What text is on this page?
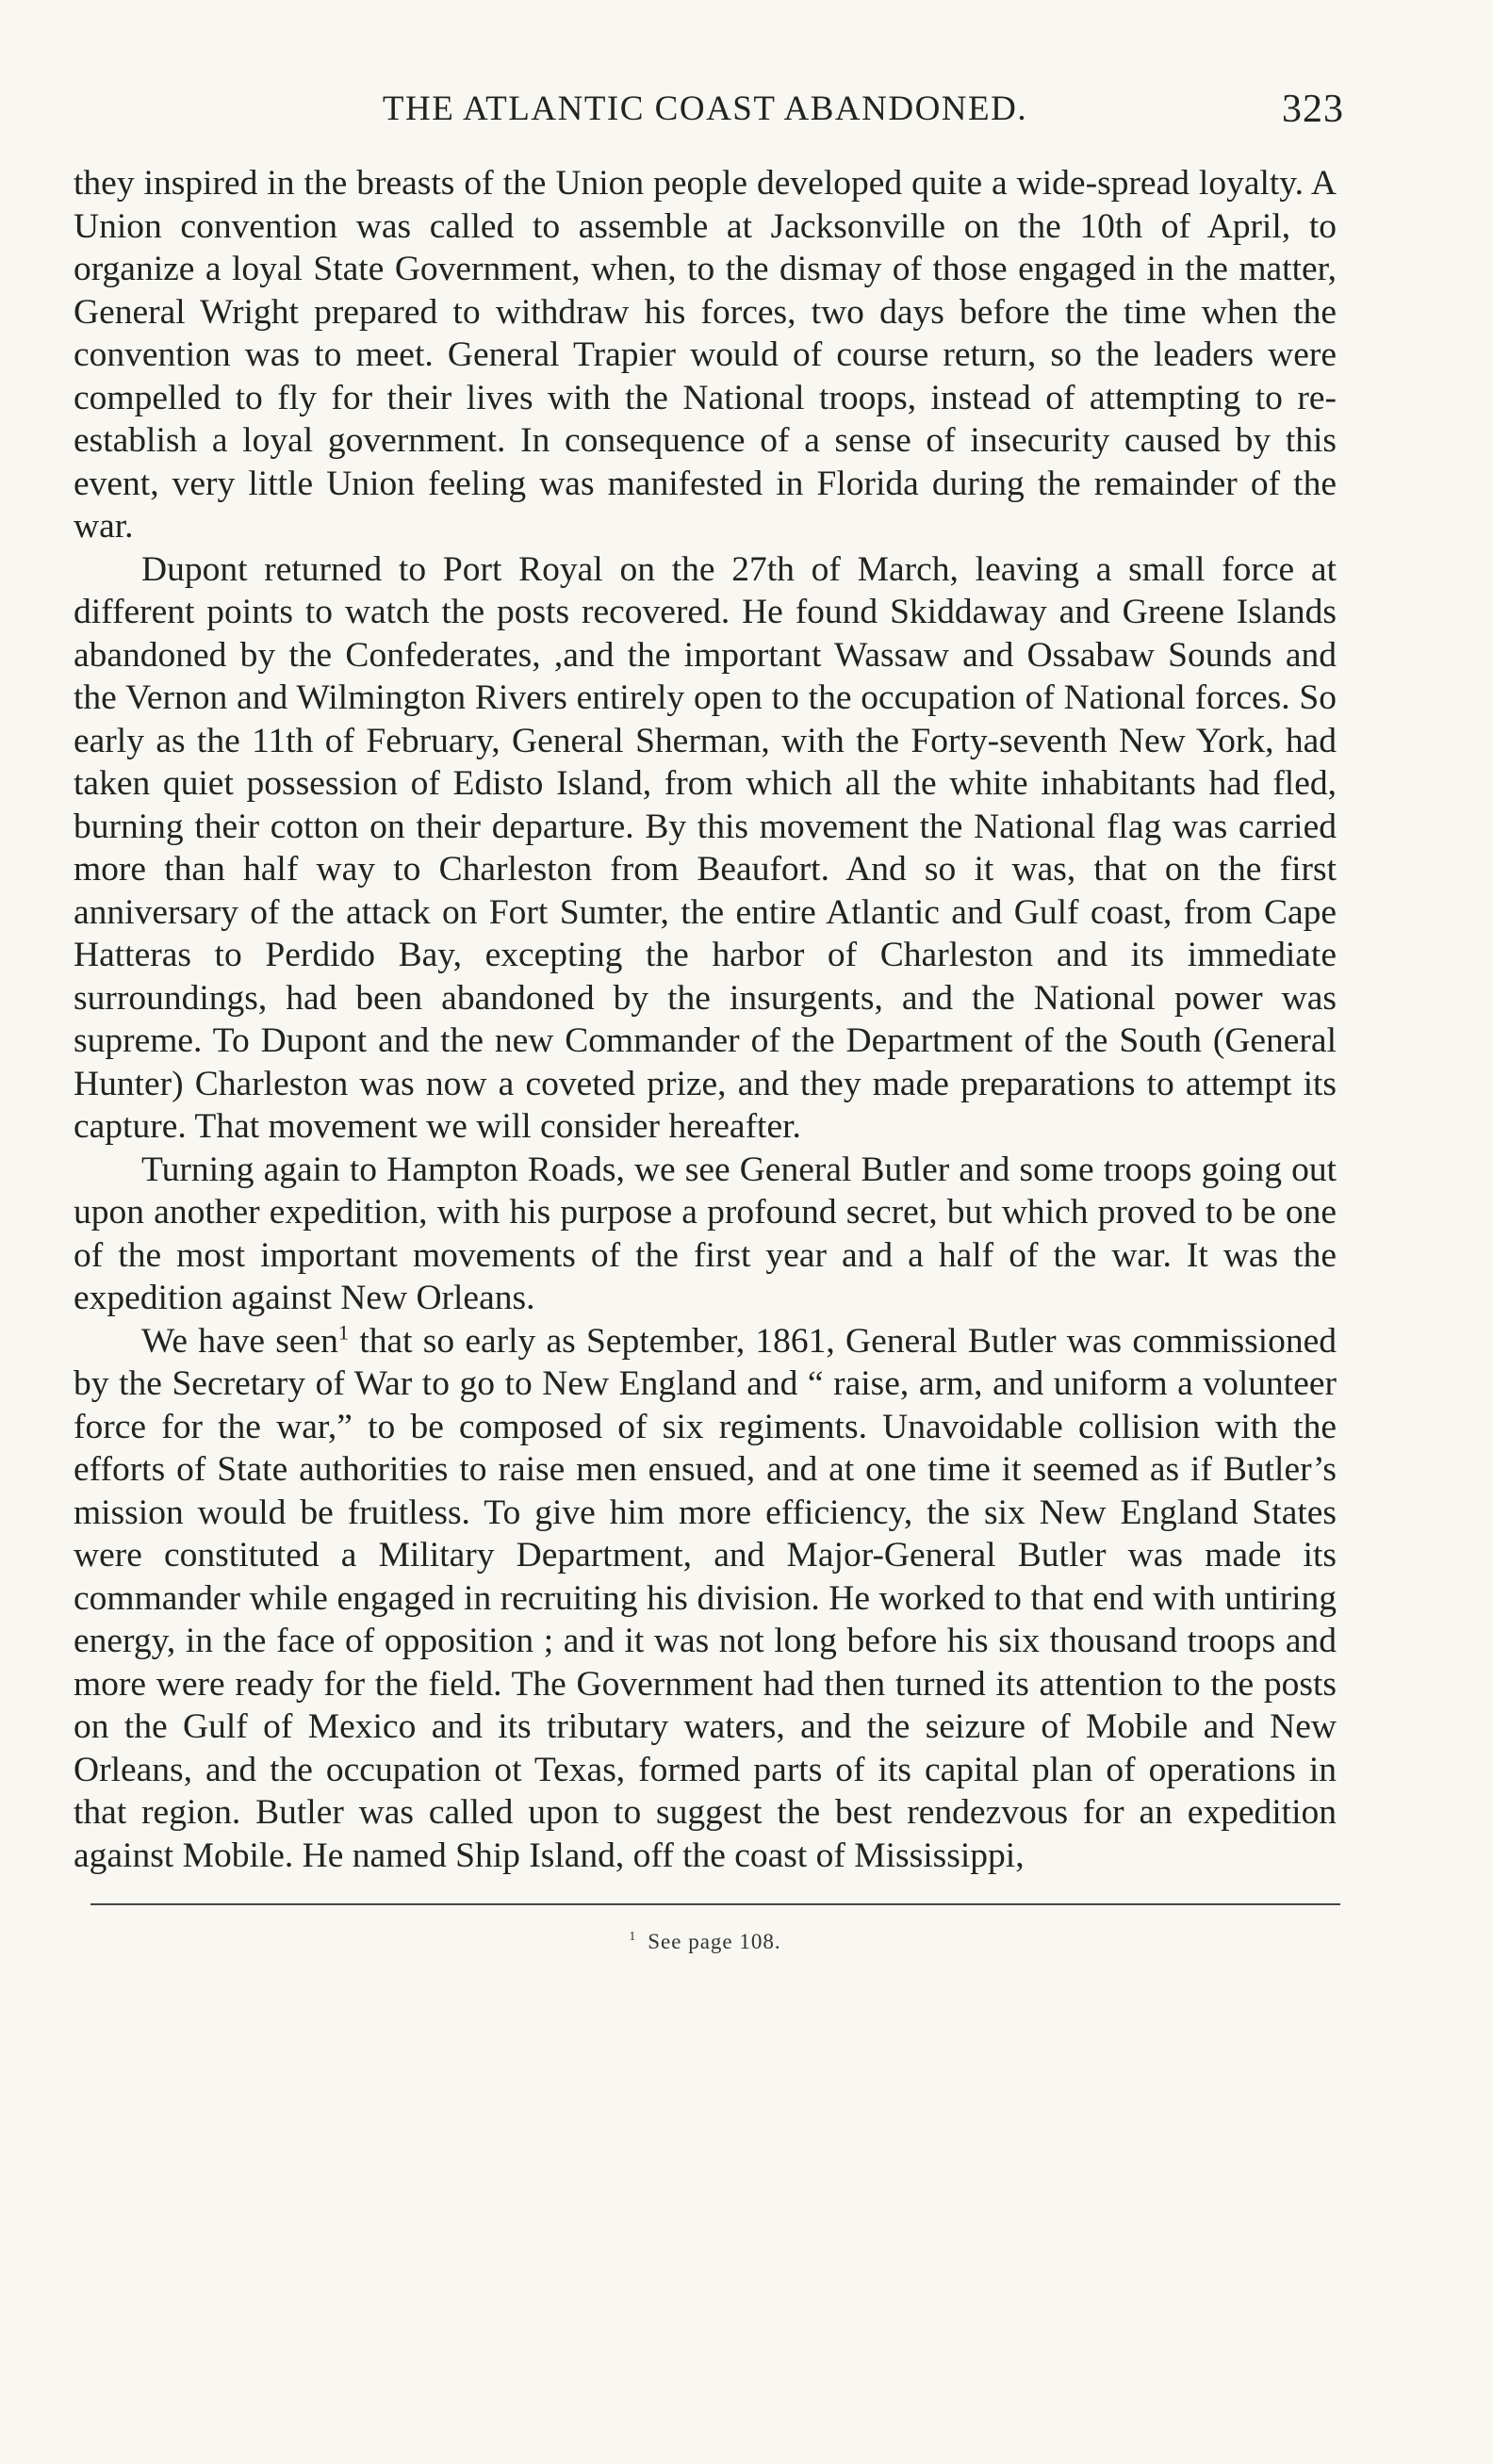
THE ATLANTIC COAST ABANDONED.	323

they inspired in the breasts of the Union people developed quite a wide-spread loyalty. A Union convention was called to assemble at Jacksonville on the 10th of April, to organize a loyal State Government, when, to the dismay of those engaged in the matter, General Wright prepared to withdraw his forces, two days before the time when the convention was to meet. General Trapier would of course return, so the leaders were compelled to fly for their lives with the National troops, instead of attempting to re-establish a loyal government. In consequence of a sense of insecurity caused by this event, very little Union feeling was manifested in Florida during the remainder of the war.

Dupont returned to Port Royal on the 27th of March, leaving a small force at different points to watch the posts recovered. He found Skiddaway and Greene Islands abandoned by the Confederates, ,and the important Wassaw and Ossabaw Sounds and the Vernon and Wilmington Rivers entirely open to the occupation of National forces. So early as the 11th of February, General Sherman, with the Forty-seventh New York, had taken quiet possession of Edisto Island, from which all the white inhabitants had fled, burning their cotton on their departure. By this movement the National flag was carried more than half way to Charleston from Beaufort. And so it was, that on the first anniversary of the attack on Fort Sumter, the entire Atlantic and Gulf coast, from Cape Hatteras to Perdido Bay, excepting the harbor of Charleston and its immediate surroundings, had been abandoned by the insurgents, and the National power was supreme. To Dupont and the new Commander of the Department of the South (General Hunter) Charleston was now a coveted prize, and they made preparations to attempt its capture. That movement we will consider hereafter.

Turning again to Hampton Roads, we see General Butler and some troops going out upon another expedition, with his purpose a profound secret, but which proved to be one of the most important movements of the first year and a half of the war. It was the expedition against New Orleans.

We have seen$^1$ that so early as September, 1861, General Butler was commissioned by the Secretary of War to go to New England and “ raise, arm, and uniform a volunteer force for the war,” to be composed of six regiments. Unavoidable collision with the efforts of State authorities to raise men ensued, and at one time it seemed as if Butler’s mission would be fruitless. To give him more efficiency, the six New England States were constituted a Military Department, and Major-General Butler was made its commander while engaged in recruiting his division. He worked to that end with untiring energy, in the face of opposition ; and it was not long before his six thousand troops and more were ready for the field. The Government had then turned its attention to the posts on the Gulf of Mexico and its tributary waters, and the seizure of Mobile and New Orleans, and the occupation ot Texas, formed parts of its capital plan of operations in that region. Butler was called upon to suggest the best rendezvous for an expedition against Mobile. He named Ship Island, off the coast of Mississippi,

$^1$ See page 108.
